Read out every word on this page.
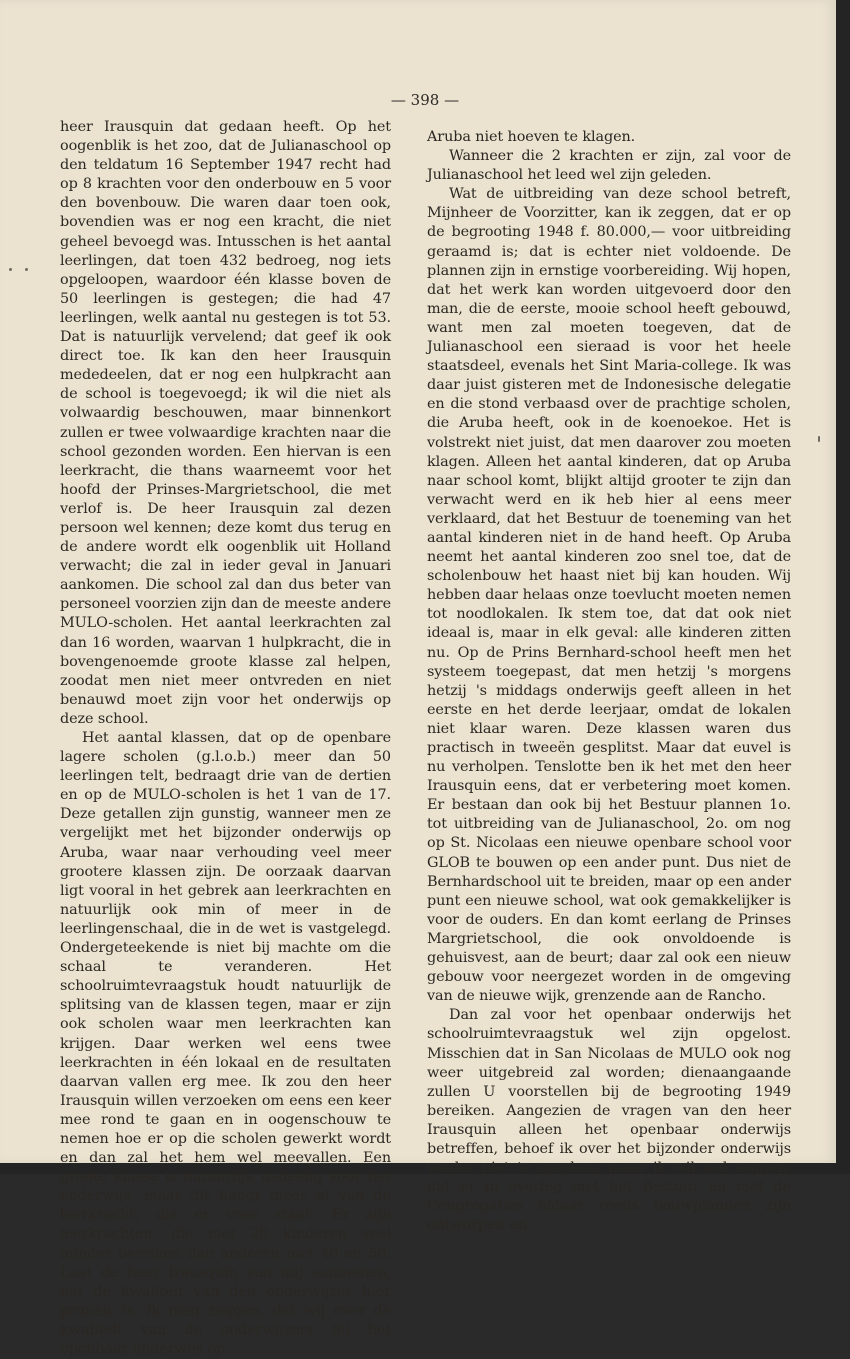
— 398 —

heer Irausquin dat gedaan heeft. Op het oogenblik is het zoo, dat de Julianaschool op den teldatum 16 September 1947 recht had op 8 krachten voor den onderbouw en 5 voor den bovenbouw. Die waren daar toen ook, bovendien was er nog een kracht, die niet geheel bevoegd was. Intusschen is het aantal leerlingen, dat toen 432 bedroeg, nog iets opgeloopen, waardoor één klasse boven de 50 leerlingen is gestegen; die had 47 leerlingen, welk aantal nu gestegen is tot 53. Dat is natuurlijk vervelend; dat geef ik ook direct toe. Ik kan den heer Irausquin mededeelen, dat er nog een hulpkracht aan de school is toegevoegd; ik wil die niet als volwaardig beschouwen, maar binnenkort zullen er twee volwaardige krachten naar die school gezonden worden. Een hiervan is een leerkracht, die thans waarneemt voor het hoofd der Prinses-Margrietschool, die met verlof is. De heer Irausquin zal dezen persoon wel kennen; deze komt dus terug en de andere wordt elk oogenblik uit Holland verwacht; die zal in ieder geval in Januari aankomen. Die school zal dan dus beter van personeel voorzien zijn dan de meeste andere MULO-scholen. Het aantal leerkrachten zal dan 16 worden, waarvan 1 hulpkracht, die in bovengenoemde groote klasse zal helpen, zoodat men niet meer ontvreden en niet benauwd moet zijn voor het onderwijs op deze school.

Het aantal klassen, dat op de openbare lagere scholen (g.l.o.b.) meer dan 50 leerlingen telt, bedraagt drie van de dertien en op de MULO-scholen is het 1 van de 17. Deze getallen zijn gunstig, wanneer men ze vergelijkt met het bijzonder onderwijs op Aruba, waar naar verhouding veel meer grootere klassen zijn. De oorzaak daarvan ligt vooral in het gebrek aan leerkrachten en natuurlijk ook min of meer in de leerlingenschaal, die in de wet is vastgelegd. Ondergeteekende is niet bij machte om die schaal te veranderen. Het schoolruimtevraagstuk houdt natuurlijk de splitsing van de klassen tegen, maar er zijn ook scholen waar men leerkrachten kan krijgen. Daar werken wel eens twee leerkrachten in één lokaal en de resultaten daarvan vallen erg mee. Ik zou den heer Irausquin willen verzoeken om eens een keer mee rond te gaan en in oogenschouw te nemen hoe er op die scholen gewerkt wordt en dan zal het hem wel meevallen. Een groote klasse is natuurlijk nadeelig voor het onderwijs, maar dit hangt meer af van de leerkracht, die er voor staat. Er zijn leerkrachten, die met 20 kinderen veel minder bereiken dan anderen met 40 en 50. Laat de heer Irausquin van mij aannemen, dat de kwaliteit van den onderwijzer hier primair is. Ik mag zeggen, dat wij over de kwaliteit van de onderwijzers bij het openbaar onderwijs op

Aruba niet hoeven te klagen.

Wanneer die 2 krachten er zijn, zal voor de Julianaschool het leed wel zijn geleden.

Wat de uitbreiding van deze school betreft, Mijnheer de Voorzitter, kan ik zeggen, dat er op de begrooting 1948 f. 80.000,— voor uitbreiding geraamd is; dat is echter niet voldoende. De plannen zijn in ernstige voorbereiding. Wij hopen, dat het werk kan worden uitgevoerd door den man, die de eerste, mooie school heeft gebouwd, want men zal moeten toegeven, dat de Julianaschool een sieraad is voor het heele staatsdeel, evenals het Sint Maria-college. Ik was daar juist gisteren met de Indonesische delegatie en die stond verbaasd over de prachtige scholen, die Aruba heeft, ook in de koenoekoe. Het is volstrekt niet juist, dat men daarover zou moeten klagen. Alleen het aantal kinderen, dat op Aruba naar school komt, blijkt altijd grooter te zijn dan verwacht werd en ik heb hier al eens meer verklaard, dat het Bestuur de toeneming van het aantal kinderen niet in de hand heeft. Op Aruba neemt het aantal kinderen zoo snel toe, dat de scholenbouw het haast niet bij kan houden. Wij hebben daar helaas onze toevlucht moeten nemen tot noodlokalen. Ik stem toe, dat dat ook niet ideaal is, maar in elk geval: alle kinderen zitten nu. Op de Prins Bernhard-school heeft men het systeem toegepast, dat men hetzij 's morgens hetzij 's middags onderwijs geeft alleen in het eerste en het derde leerjaar, omdat de lokalen niet klaar waren. Deze klassen waren dus practisch in tweeën gesplitst. Maar dat euvel is nu verholpen. Tenslotte ben ik het met den heer Irausquin eens, dat er verbetering moet komen. Er bestaan dan ook bij het Bestuur plannen 1o. tot uitbreiding van de Julianaschool, 2o. om nog op St. Nicolaas een nieuwe openbare school voor GLOB te bouwen op een ander punt. Dus niet de Bernhardschool uit te breiden, maar op een ander punt een nieuwe school, wat ook gemakkelijker is voor de ouders. En dan komt eerlang de Prinses Margrietschool, die ook onvoldoende is gehuisvest, aan de beurt; daar zal ook een nieuw gebouw voor neergezet worden in de omgeving van de nieuwe wijk, grenzende aan de Rancho.

Dan zal voor het openbaar onderwijs het schoolruimtevraagstuk wel zijn opgelost. Misschien dat in San Nicolaas de MULO ook nog weer uitgebreid zal worden; dienaangaande zullen U voorstellen bij de begrooting 1949 bereiken. Aangezien de vragen van den heer Irausquin alleen het openbaar onderwijs betreffen, behoef ik over het bijzonder onderwijs verder niet te spreken, maar ik wil wel zeggen, dat er in overleg met het Bestuur en met de Congregaties aldaar reeds bouwplannen zijn ontworpen en
